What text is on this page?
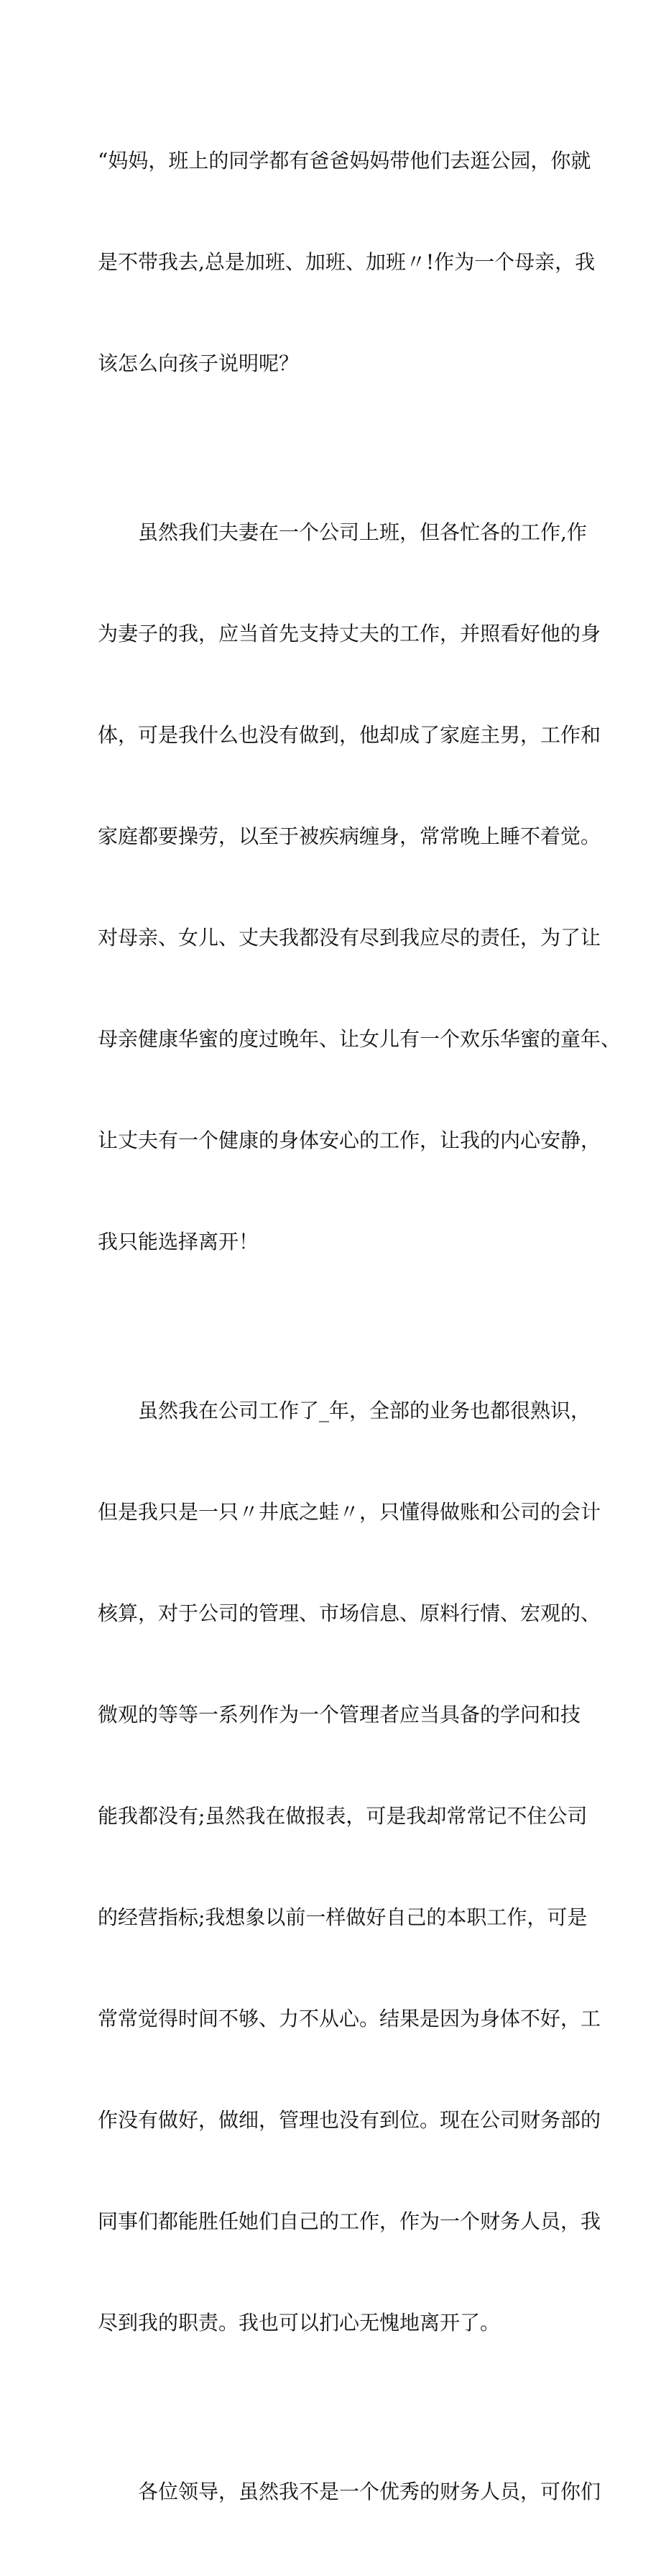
“妈妈，班上的同学都有爸爸妈妈带他们去逛公园，你就

是不带我去,总是加班、加班、加班〃!作为一个母亲，我

该怎么向孩子说明呢？

虽然我们夫妻在一个公司上班，但各忙各的工作,作

为妻子的我，应当首先支持丈夫的工作，并照看好他的身

体，可是我什么也没有做到，他却成了家庭主男，工作和

家庭都要操劳，以至于被疾病缠身，常常晚上睡不着觉。

对母亲、女儿、丈夫我都没有尽到我应尽的责任，为了让

母亲健康华蜜的度过晚年、让女儿有一个欢乐华蜜的童年、

让丈夫有一个健康的身体安心的工作，让我的内心安静，

我只能选择离开！

虽然我在公司工作了_年，全部的业务也都很熟识，

但是我只是一只〃井底之蛙〃，只懂得做账和公司的会计

核算，对于公司的管理、市场信息、原料行情、宏观的、

微观的等等一系列作为一个管理者应当具备的学问和技

能我都没有;虽然我在做报表，可是我却常常记不住公司

的经营指标;我想象以前一样做好自己的本职工作，可是

常常觉得时间不够、力不从心。结果是因为身体不好，工

作没有做好，做细，管理也没有到位。现在公司财务部的

同事们都能胜任她们自己的工作，作为一个财务人员，我

尽到我的职责。我也可以扪心无愧地离开了。

各位领导，虽然我不是一个优秀的财务人员，可你们
